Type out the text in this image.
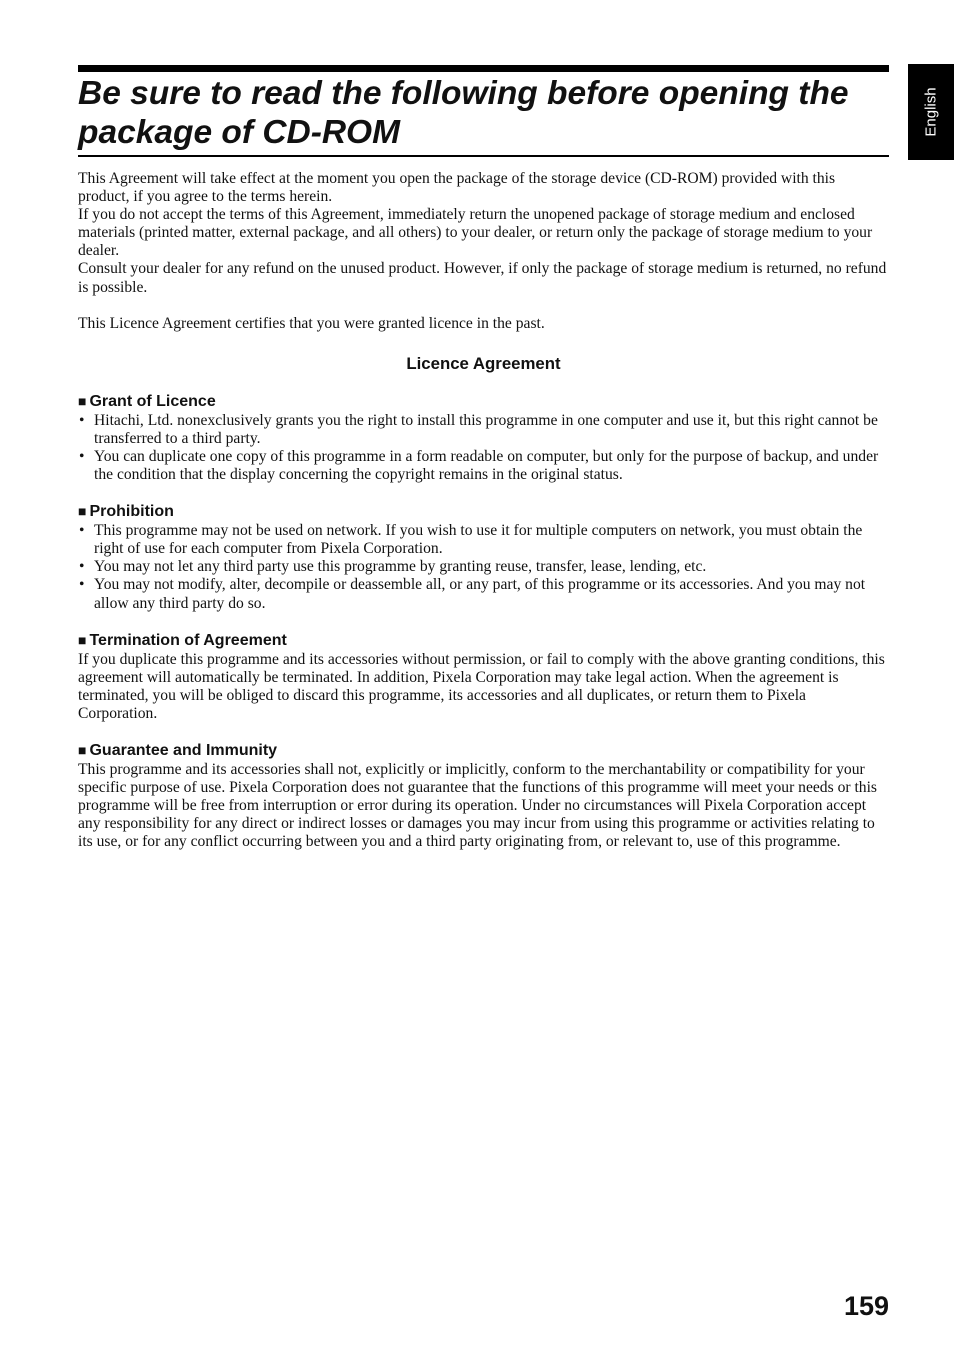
Be sure to read the following before opening the package of CD-ROM	English

This Agreement will take effect at the moment you open the package of the storage device (CD-ROM) provided with this product, if you agree to the terms herein.

If you do not accept the terms of this Agreement, immediately return the unopened package of storage medium and enclosed materials (printed matter, external package, and all others) to your dealer, or return only the package of storage medium to your dealer.

Consult your dealer for any refund on the unused product. However, if only the package of storage medium is returned, no refund is possible.

This Licence Agreement certifies that you were granted licence in the past.

Licence Agreement
■ Grant of Licence
• Hitachi, Ltd. nonexclusively grants you the right to install this programme in one computer and use it, but this right cannot be transferred to a third party.
• You can duplicate one copy of this programme in a form readable on computer, but only for the purpose of backup, and under the condition that the display concerning the copyright remains in the original status.
■ Prohibition
• This programme may not be used on network. If you wish to use it for multiple computers on network, you must obtain the right of use for each computer from Pixela Corporation.
• You may not let any third party use this programme by granting reuse, transfer, lease, lending, etc.
• You may not modify, alter, decompile or deassemble all, or any part, of this programme or its accessories. And you may not allow any third party do so.
■ Termination of Agreement

If you duplicate this programme and its accessories without permission, or fail to comply with the above granting conditions, this agreement will automatically be terminated. In addition, Pixela Corporation may take legal action. When the agreement is terminated, you will be obliged to discard this programme, its accessories and all duplicates, or return them to Pixela Corporation.

■ Guarantee and Immunity

This programme and its accessories shall not, explicitly or implicitly, conform to the merchantability or compatibility for your specific purpose of use. Pixela Corporation does not guarantee that the functions of this programme will meet your needs or this programme will be free from interruption or error during its operation. Under no circumstances will Pixela Corporation accept any responsibility for any direct or indirect losses or damages you may incur from using this programme or activities relating to its use, or for any conflict occurring between you and a third party originating from, or relevant to, use of this programme.

159
